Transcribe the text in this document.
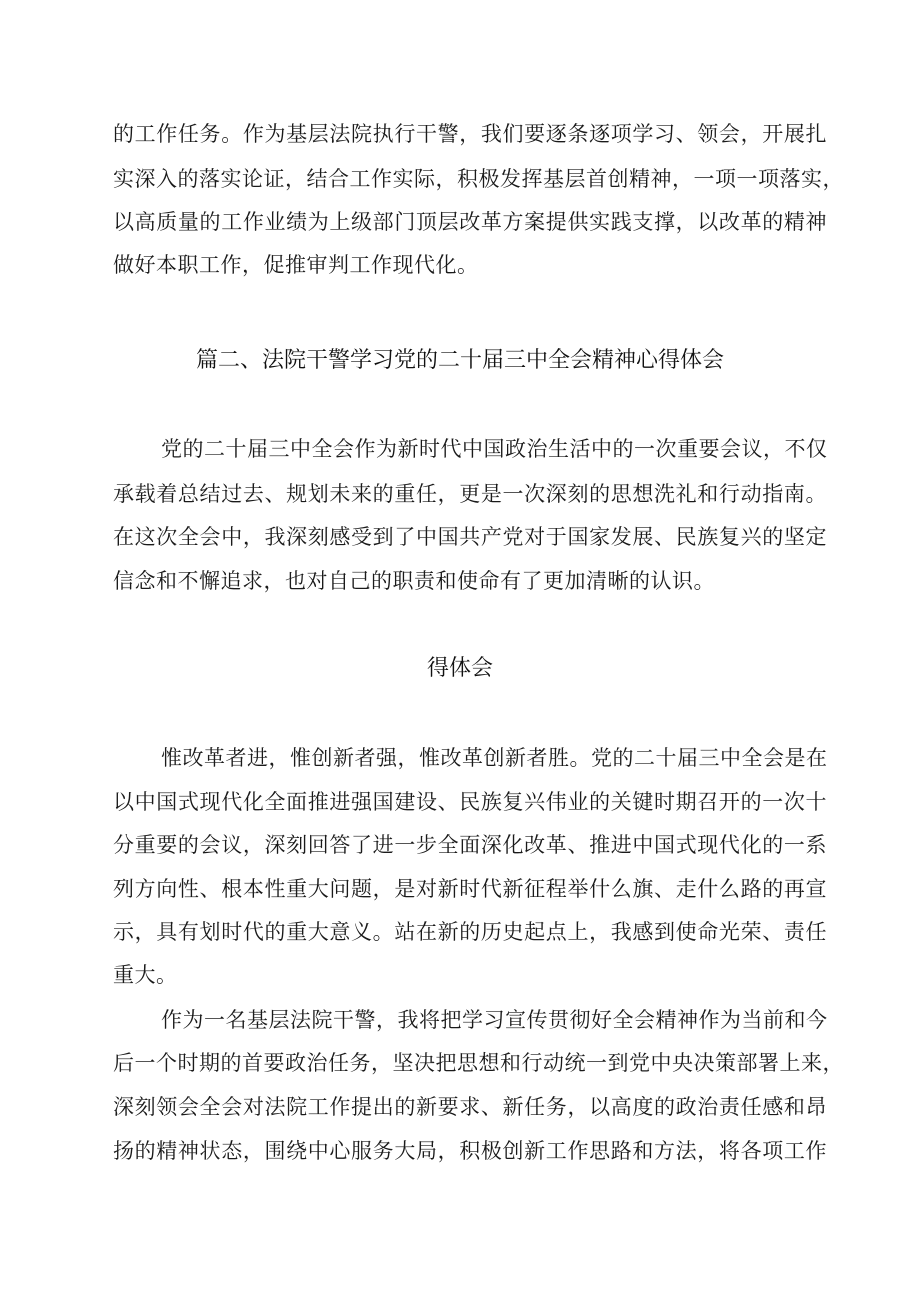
的工作任务。作为基层法院执行干警，我们要逐条逐项学习、领会，开展扎
实深入的落实论证，结合工作实际，积极发挥基层首创精神，一项一项落实，
以高质量的工作业绩为上级部门顶层改革方案提供实践支撑，以改革的精神
做好本职工作，促推审判工作现代化。
篇二、法院干警学习党的二十届三中全会精神心得体会
党的二十届三中全会作为新时代中国政治生活中的一次重要会议，不仅
承载着总结过去、规划未来的重任，更是一次深刻的思想洗礼和行动指南。
在这次全会中，我深刻感受到了中国共产党对于国家发展、民族复兴的坚定
信念和不懈追求，也对自己的职责和使命有了更加清晰的认识。
得体会
惟改革者进，惟创新者强，惟改革创新者胜。党的二十届三中全会是在
以中国式现代化全面推进强国建设、民族复兴伟业的关键时期召开的一次十
分重要的会议，深刻回答了进一步全面深化改革、推进中国式现代化的一系
列方向性、根本性重大问题，是对新时代新征程举什么旗、走什么路的再宣
示，具有划时代的重大意义。站在新的历史起点上，我感到使命光荣、责任
重大。
作为一名基层法院干警，我将把学习宣传贯彻好全会精神作为当前和今
后一个时期的首要政治任务，坚决把思想和行动统一到党中央决策部署上来，
深刻领会全会对法院工作提出的新要求、新任务，以高度的政治责任感和昂
扬的精神状态，围绕中心服务大局，积极创新工作思路和方法，将各项工作
